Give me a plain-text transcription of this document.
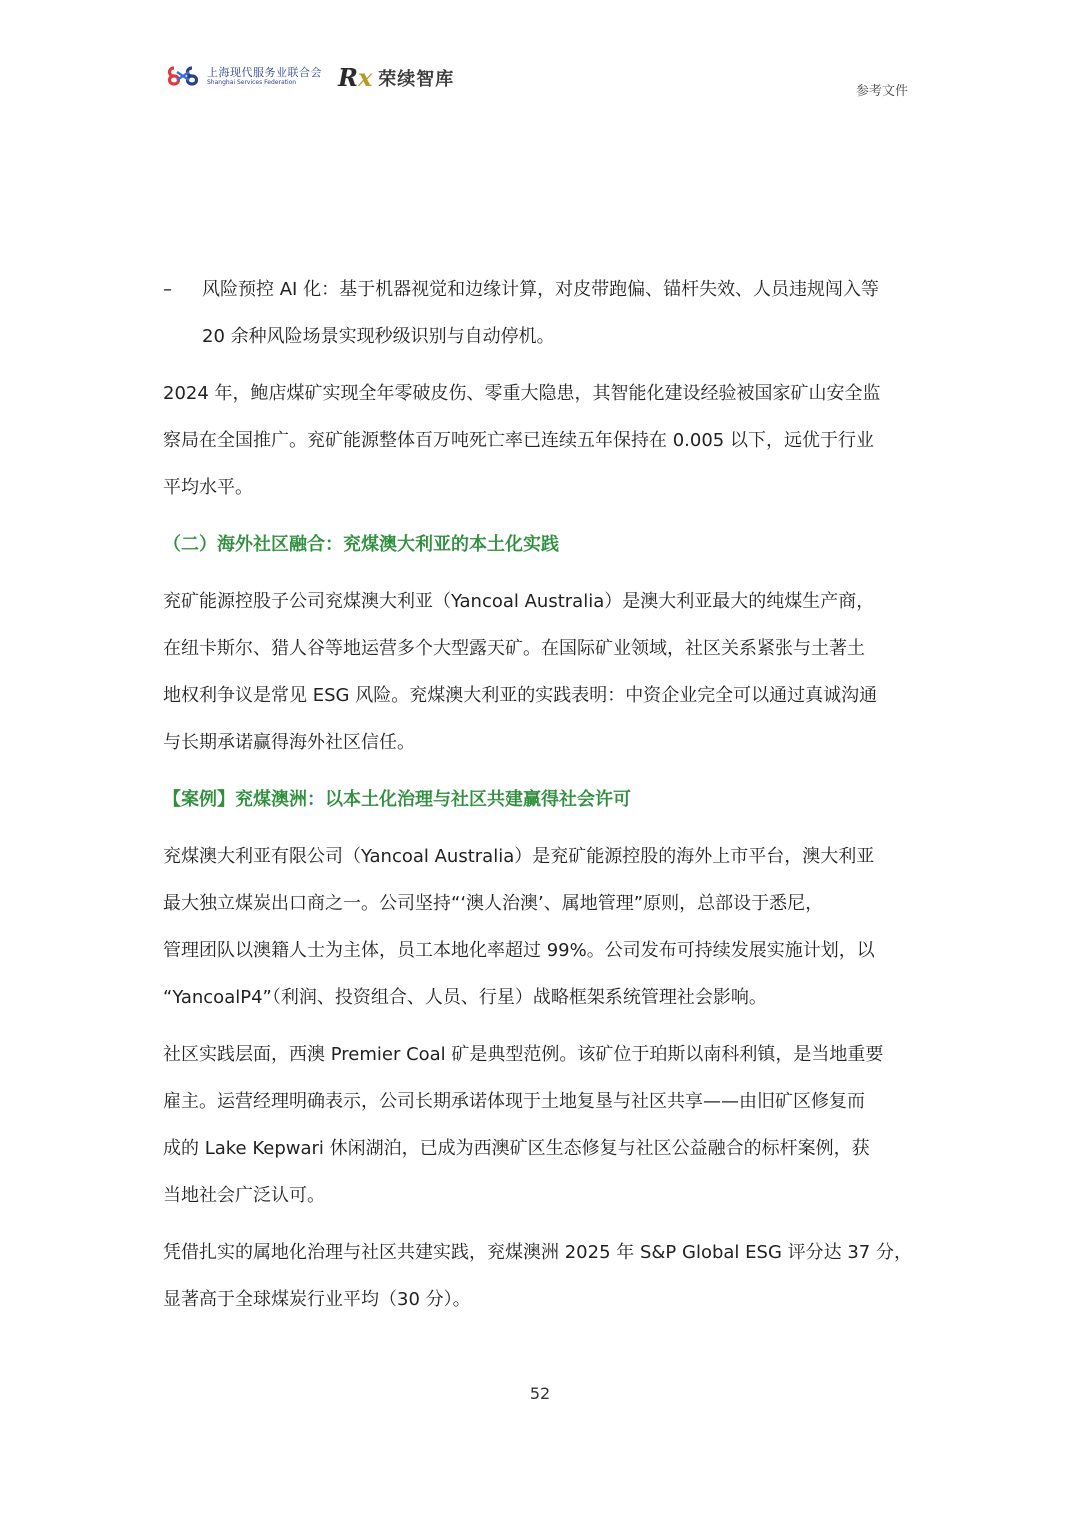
上海现代服务业联合会
Shanghai Services Federation	Rx 荣续智库
参考文件
– 风险预控 AI 化：基于机器视觉和边缘计算，对皮带跑偏、锚杆失效、人员违规闯入等
20 余种风险场景实现秒级识别与自动停机。
2024 年，鲍店煤矿实现全年零破皮伤、零重大隐患，其智能化建设经验被国家矿山安全监
察局在全国推广。兖矿能源整体百万吨死亡率已连续五年保持在 0.005 以下，远优于行业
平均水平。
（二）海外社区融合：兖煤澳大利亚的本土化实践
兖矿能源控股子公司兖煤澳大利亚（Yancoal Australia）是澳大利亚最大的纯煤生产商，
在纽卡斯尔、猎人谷等地运营多个大型露天矿。在国际矿业领域，社区关系紧张与土著土
地权利争议是常见 ESG 风险。兖煤澳大利亚的实践表明：中资企业完全可以通过真诚沟通
与长期承诺赢得海外社区信任。
【案例】兖煤澳洲：以本土化治理与社区共建赢得社会许可
兖煤澳大利亚有限公司（Yancoal Australia）是兖矿能源控股的海外上市平台，澳大利亚
最大独立煤炭出口商之一。公司坚持“‘澳人治澳’、属地管理”原则，总部设于悉尼，
管理团队以澳籍人士为主体，员工本地化率超过 99%。公司发布可持续发展实施计划，以
“YancoalP4”（利润、投资组合、人员、行星）战略框架系统管理社会影响。
社区实践层面，西澳 Premier Coal 矿是典型范例。该矿位于珀斯以南科利镇，是当地重要
雇主。运营经理明确表示，公司长期承诺体现于土地复垦与社区共享——由旧矿区修复而
成的 Lake Kepwari 休闲湖泊，已成为西澳矿区生态修复与社区公益融合的标杆案例，获
当地社会广泛认可。
凭借扎实的属地化治理与社区共建实践，兖煤澳洲 2025 年 S&P Global ESG 评分达 37 分，
显著高于全球煤炭行业平均（30 分）。
52
